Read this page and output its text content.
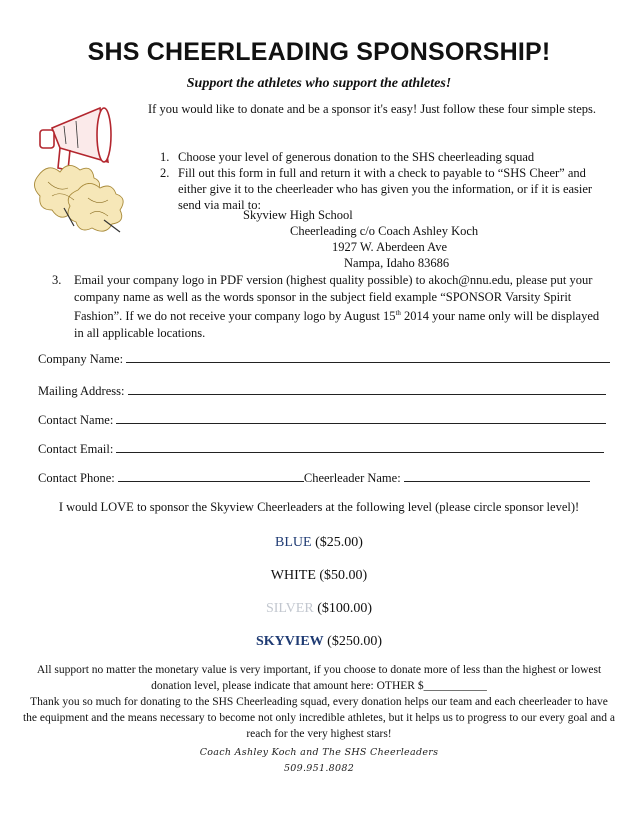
SHS CHEERLEADING SPONSORSHIP!
Support the athletes who support the athletes!
If you would like to donate and be a sponsor it's easy! Just follow these four simple steps.
1. Choose your level of generous donation to the SHS cheerleading squad
2. Fill out this form in full and return it with a check to payable to “SHS Cheer” and either give it to the cheerleader who has given you the information, or if it is easier send via mail to:
Skyview High School
Cheerleading c/o Coach Ashley Koch
1927 W. Aberdeen Ave
Nampa, Idaho 83686
3.	Email your company logo in PDF version (highest quality possible) to akoch@nnu.edu, please put your company name as well as the words sponsor in the subject field example “SPONSOR Varsity Spirit Fashion”. If we do not receive your company logo by August 15th 2014 your name only will be displayed in all applicable locations.
Company Name:
Mailing Address:
Contact Name:
Contact Email:
Contact Phone:	Cheerleader Name:
I would LOVE to sponsor the Skyview Cheerleaders at the following level (please circle sponsor level)!
BLUE ($25.00)
WHITE ($50.00)
SILVER ($100.00)
SKYVIEW ($250.00)
All support no matter the monetary value is very important, if you choose to donate more of less than the highest or lowest donation level, please indicate that amount here: OTHER $___________
Thank you so much for donating to the SHS Cheerleading squad, every donation helps our team and each cheerleader to have the equipment and the means necessary to become not only incredible athletes, but it helps us to progress to our every goal and a reach for the very highest stars!
Coach Ashley Koch and The SHS Cheerleaders
509.951.8082
